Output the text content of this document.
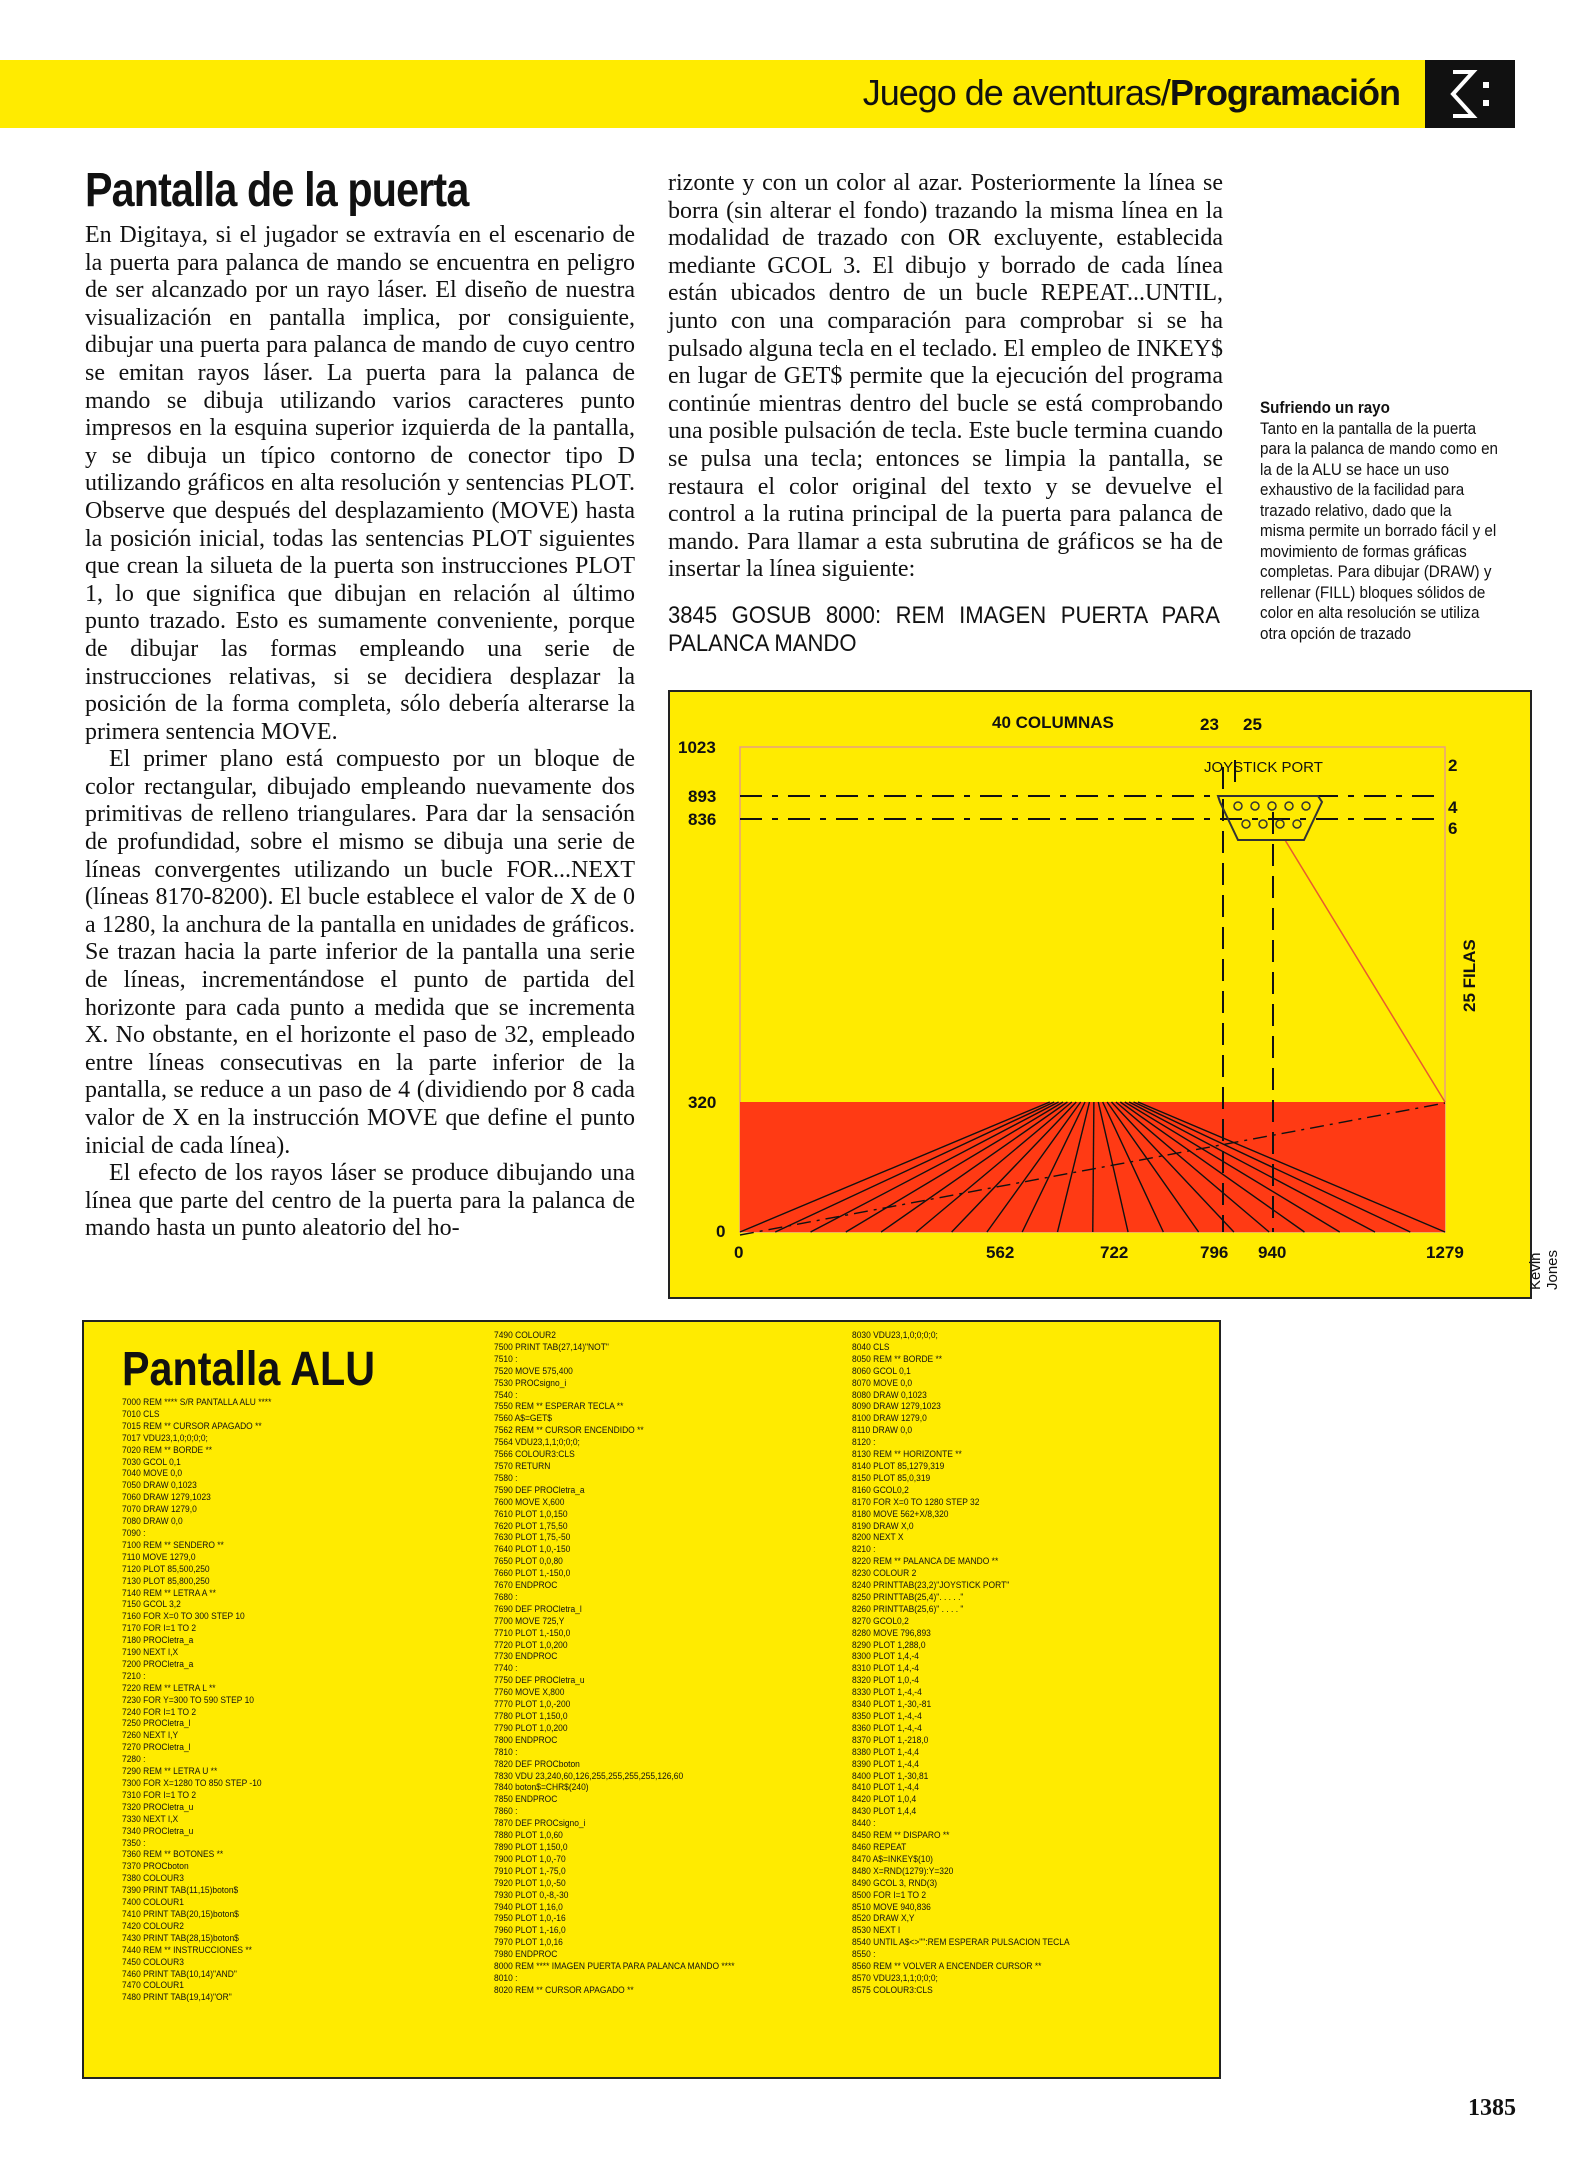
Juego de aventuras/Programación
Pantalla de la puerta

En Digitaya, si el jugador se extravía en el escenario de la puerta para palanca de mando se encuentra en peligro de ser alcanzado por un rayo láser. El diseño de nuestra visualización en pantalla implica, por consiguiente, dibujar una puerta para palanca de mando de cuyo centro se emitan rayos láser. La puerta para la palanca de mando se dibuja utilizando varios caracteres punto impresos en la esquina superior izquierda de la pantalla, y se dibuja un típico contorno de conector tipo D utilizando gráficos en alta resolución y sentencias PLOT. Observe que después del desplazamiento (MOVE) hasta la posición inicial, todas las sentencias PLOT siguientes que crean la silueta de la puerta son instrucciones PLOT 1, lo que significa que dibujan en relación al último punto trazado. Esto es sumamente conveniente, porque de dibujar las formas empleando una serie de instrucciones relativas, si se decidiera desplazar la posición de la forma completa, sólo debería alterarse la primera sentencia MOVE.

El primer plano está compuesto por un bloque de color rectangular, dibujado empleando nuevamente dos primitivas de relleno triangulares. Para dar la sensación de profundidad, sobre el mismo se dibuja una serie de líneas convergentes utilizando un bucle FOR...NEXT (líneas 8170-8200). El bucle establece el valor de X de 0 a 1280, la anchura de la pantalla en unidades de gráficos. Se trazan hacia la parte inferior de la pantalla una serie de líneas, incrementándose el punto de partida del horizonte para cada punto a medida que se incrementa X. No obstante, en el horizonte el paso de 32, empleado entre líneas consecutivas en la parte inferior de la pantalla, se reduce a un paso de 4 (dividiendo por 8 cada valor de X en la instrucción MOVE que define el punto inicial de cada línea).

El efecto de los rayos láser se produce dibujando una línea que parte del centro de la puerta para la palanca de mando hasta un punto aleatorio del ho-

rizonte y con un color al azar. Posteriormente la línea se borra (sin alterar el fondo) trazando la misma línea en la modalidad de trazado con OR excluyente, establecida mediante GCOL 3. El dibujo y borrado de cada línea están ubicados dentro de un bucle REPEAT...UNTIL, junto con una comparación para comprobar si se ha pulsado alguna tecla en el teclado. El empleo de INKEY$ en lugar de GET$ permite que la ejecución del programa continúe mientras dentro del bucle se está comprobando una posible pulsación de tecla. Este bucle termina cuando se pulsa una tecla; entonces se limpia la pantalla, se restaura el color original del texto y se devuelve el control a la rutina principal de la puerta para palanca de mando. Para llamar a esta subrutina de gráficos se ha de insertar la línea siguiente:

3845 GOSUB 8000: REM IMAGEN PUERTA PARA PALANCA MANDO
Sufriendo un rayo
Tanto en la pantalla de la puerta para la palanca de mando como en la de la ALU se hace un uso exhaustivo de la facilidad para trazado relativo, dado que la misma permite un borrado fácil y el movimiento de formas gráficas completas. Para dibujar (DRAW) y rellenar (FILL) bloques sólidos de color en alta resolución se utiliza otra opción de trazado
40 COLUMNAS	23 25
JOYSTICK PORT	2
4
6
25 FILAS
1023
893
836
320
0
0	562	722	796 940	1279	Kevin Jones
Pantalla ALU
7000 REM **** S/R PANTALLA ALU ****
7010 CLS
7015 REM ** CURSOR APAGADO **
7017 VDU23,1,0;0;0;0;
7020 REM ** BORDE **
7030 GCOL 0,1
7040 MOVE 0,0
7050 DRAW 0,1023
7060 DRAW 1279,1023
7070 DRAW 1279,0
7080 DRAW 0,0
7090 :
7100 REM ** SENDERO **
7110 MOVE 1279,0
7120 PLOT 85,500,250
7130 PLOT 85,800,250
7140 REM ** LETRA A **
7150 GCOL 3,2
7160 FOR X=0 TO 300 STEP 10
7170 FOR I=1 TO 2
7180 PROCletra_a
7190 NEXT I,X
7200 PROCletra_a
7210 :
7220 REM ** LETRA L **
7230 FOR Y=300 TO 590 STEP 10
7240 FOR I=1 TO 2
7250 PROCletra_l
7260 NEXT I,Y
7270 PROCletra_l
7280 :
7290 REM ** LETRA U **
7300 FOR X=1280 TO 850 STEP -10
7310 FOR I=1 TO 2
7320 PROCletra_u
7330 NEXT I,X
7340 PROCletra_u
7350 :
7360 REM ** BOTONES **
7370 PROCboton
7380 COLOUR3
7390 PRINT TAB(11,15)boton$
7400 COLOUR1
7410 PRINT TAB(20,15)boton$
7420 COLOUR2
7430 PRINT TAB(28,15)boton$
7440 REM ** INSTRUCCIONES **
7450 COLOUR3
7460 PRINT TAB(10,14)"AND"
7470 COLOUR1
7480 PRINT TAB(19,14)"OR"
7490 COLOUR2
7500 PRINT TAB(27,14)"NOT"
7510 :
7520 MOVE 575,400
7530 PROCsigno_i
7540 :
7550 REM ** ESPERAR TECLA **
7560 A$=GET$
7562 REM ** CURSOR ENCENDIDO **
7564 VDU23,1,1;0;0;0;
7566 COLOUR3:CLS
7570 RETURN
7580 :
7590 DEF PROCletra_a
7600 MOVE X,600
7610 PLOT 1,0,150
7620 PLOT 1,75,50
7630 PLOT 1,75,-50
7640 PLOT 1,0,-150
7650 PLOT 0,0,80
7660 PLOT 1,-150,0
7670 ENDPROC
7680 :
7690 DEF PROCletra_l
7700 MOVE 725,Y
7710 PLOT 1,-150,0
7720 PLOT 1,0,200
7730 ENDPROC
7740 :
7750 DEF PROCletra_u
7760 MOVE X,800
7770 PLOT 1,0,-200
7780 PLOT 1,150,0
7790 PLOT 1,0,200
7800 ENDPROC
7810 :
7820 DEF PROCboton
7830 VDU 23,240,60,126,255,255,255,255,126,60
7840 boton$=CHR$(240)
7850 ENDPROC
7860 :
7870 DEF PROCsigno_i
7880 PLOT 1,0,60
7890 PLOT 1,150,0
7900 PLOT 1,0,-70
7910 PLOT 1,-75,0
7920 PLOT 1,0,-50
7930 PLOT 0,-8,-30
7940 PLOT 1,16,0
7950 PLOT 1,0,-16
7960 PLOT 1,-16,0
7970 PLOT 1,0,16
7980 ENDPROC
8000 REM **** IMAGEN PUERTA PARA PALANCA MANDO ****
8010 :
8020 REM ** CURSOR APAGADO **
8030 VDU23,1,0;0;0;0;
8040 CLS
8050 REM ** BORDE **
8060 GCOL 0,1
8070 MOVE 0,0
8080 DRAW 0,1023
8090 DRAW 1279,1023
8100 DRAW 1279,0
8110 DRAW 0,0
8120 :
8130 REM ** HORIZONTE **
8140 PLOT 85,1279,319
8150 PLOT 85,0,319
8160 GCOL0,2
8170 FOR X=0 TO 1280 STEP 32
8180 MOVE 562+X/8,320
8190 DRAW X,0
8200 NEXT X
8210 :
8220 REM ** PALANCA DE MANDO **
8230 COLOUR 2
8240 PRINTTAB(23,2)"JOYSTICK PORT"
8250 PRINTTAB(25,4)". . . . ."
8260 PRINTTAB(25,6)" . . . . "
8270 GCOL0,2
8280 MOVE 796,893
8290 PLOT 1,288,0
8300 PLOT 1,4,-4
8310 PLOT 1,4,-4
8320 PLOT 1,0,-4
8330 PLOT 1,-4,-4
8340 PLOT 1,-30,-81
8350 PLOT 1,-4,-4
8360 PLOT 1,-4,-4
8370 PLOT 1,-218,0
8380 PLOT 1,-4,4
8390 PLOT 1,-4,4
8400 PLOT 1,-30,81
8410 PLOT 1,-4,4
8420 PLOT 1,0,4
8430 PLOT 1,4,4
8440 :
8450 REM ** DISPARO **
8460 REPEAT
8470 A$=INKEY$(10)
8480 X=RND(1279):Y=320
8490 GCOL 3, RND(3)
8500 FOR I=1 TO 2
8510 MOVE 940,836
8520 DRAW X,Y
8530 NEXT I
8540 UNTIL A$<>"":REM ESPERAR PULSACION TECLA
8550 :
8560 REM ** VOLVER A ENCENDER CURSOR **
8570 VDU23,1,1;0;0;0;
8575 COLOUR3:CLS
1385
